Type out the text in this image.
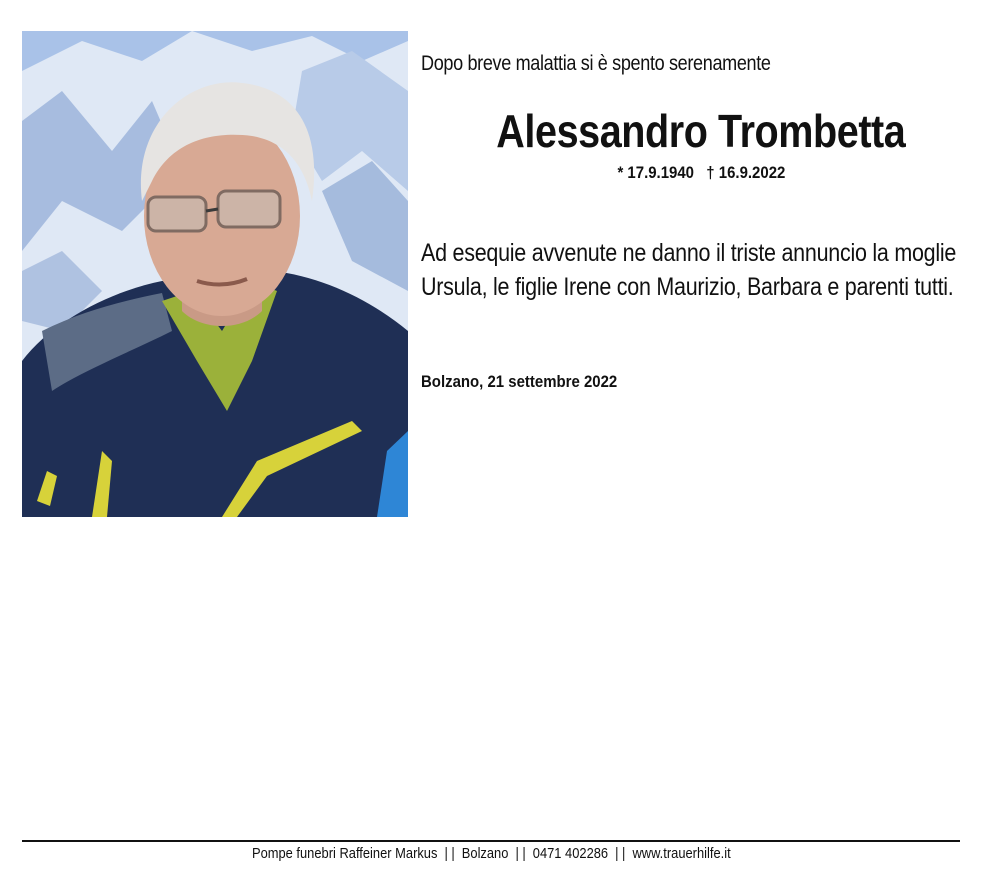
Dopo breve malattia si è spento serenamente
Alessandro Trombetta
* 17.9.1940 † 16.9.2022
Ad esequie avvenute ne danno il triste annuncio la moglie Ursula, le figlie Irene con Maurizio, Barbara e parenti tutti.
Bolzano, 21 settembre 2022
Pompe funebri Raffeiner Markus | | Bolzano | | 0471 402286 | | www.trauerhilfe.it
